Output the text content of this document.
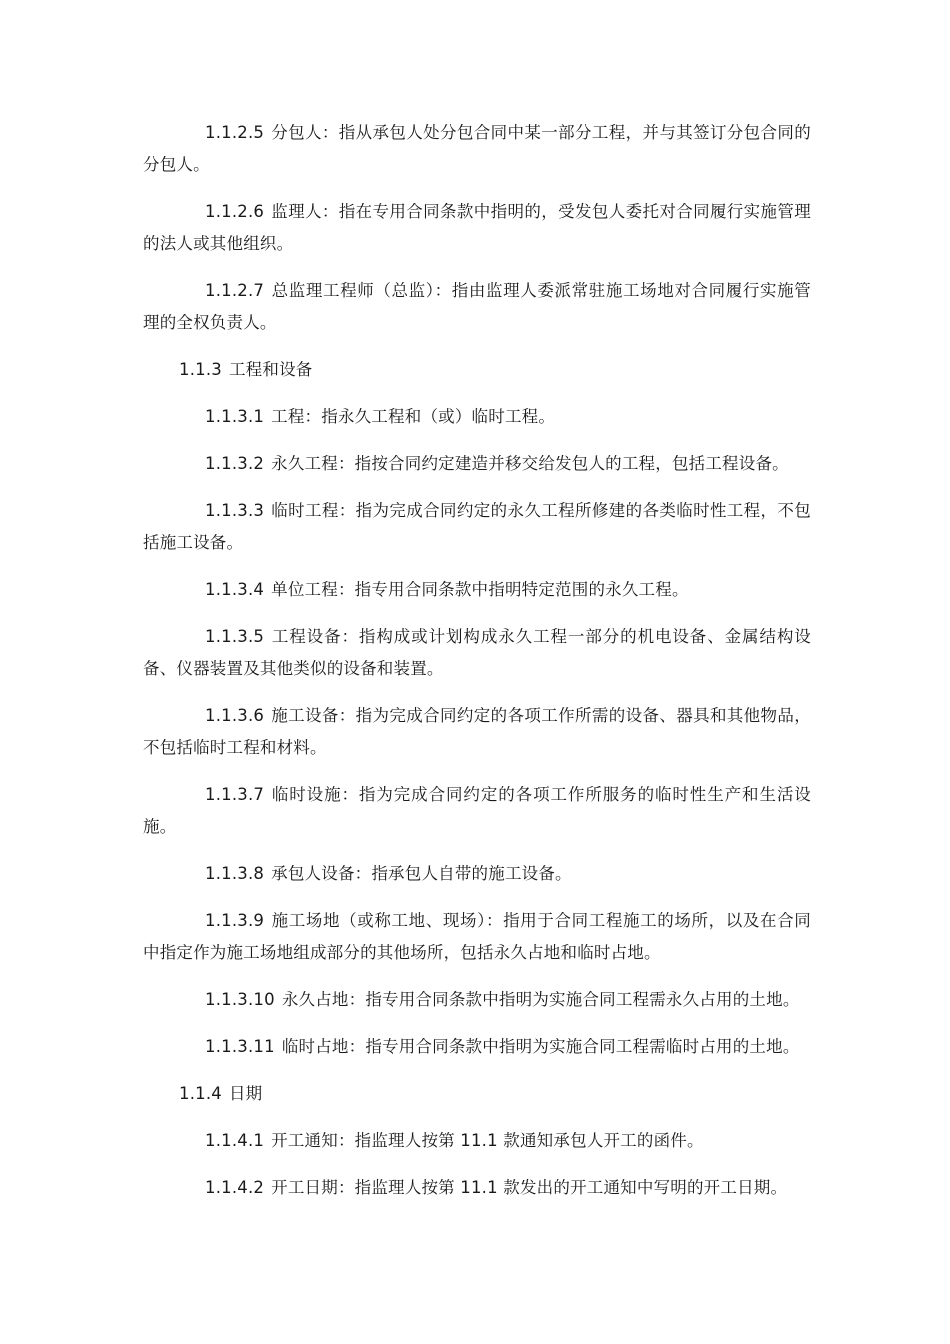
1.1.2.5 分包人：指从承包人处分包合同中某一部分工程，并与其签订分包合同的分包人。

1.1.2.6 监理人：指在专用合同条款中指明的，受发包人委托对合同履行实施管理的法人或其他组织。

1.1.2.7 总监理工程师（总监）：指由监理人委派常驻施工场地对合同履行实施管理的全权负责人。

1.1.3 工程和设备

1.1.3.1 工程：指永久工程和（或）临时工程。

1.1.3.2 永久工程：指按合同约定建造并移交给发包人的工程，包括工程设备。

1.1.3.3 临时工程：指为完成合同约定的永久工程所修建的各类临时性工程，不包括施工设备。

1.1.3.4 单位工程：指专用合同条款中指明特定范围的永久工程。

1.1.3.5 工程设备：指构成或计划构成永久工程一部分的机电设备、金属结构设备、仪器装置及其他类似的设备和装置。

1.1.3.6 施工设备：指为完成合同约定的各项工作所需的设备、器具和其他物品，不包括临时工程和材料。

1.1.3.7 临时设施：指为完成合同约定的各项工作所服务的临时性生产和生活设施。

1.1.3.8 承包人设备：指承包人自带的施工设备。

1.1.3.9 施工场地（或称工地、现场）：指用于合同工程施工的场所，以及在合同中指定作为施工场地组成部分的其他场所，包括永久占地和临时占地。

1.1.3.10 永久占地：指专用合同条款中指明为实施合同工程需永久占用的土地。

1.1.3.11 临时占地：指专用合同条款中指明为实施合同工程需临时占用的土地。

1.1.4 日期

1.1.4.1 开工通知：指监理人按第 11.1 款通知承包人开工的函件。

1.1.4.2 开工日期：指监理人按第 11.1 款发出的开工通知中写明的开工日期。
